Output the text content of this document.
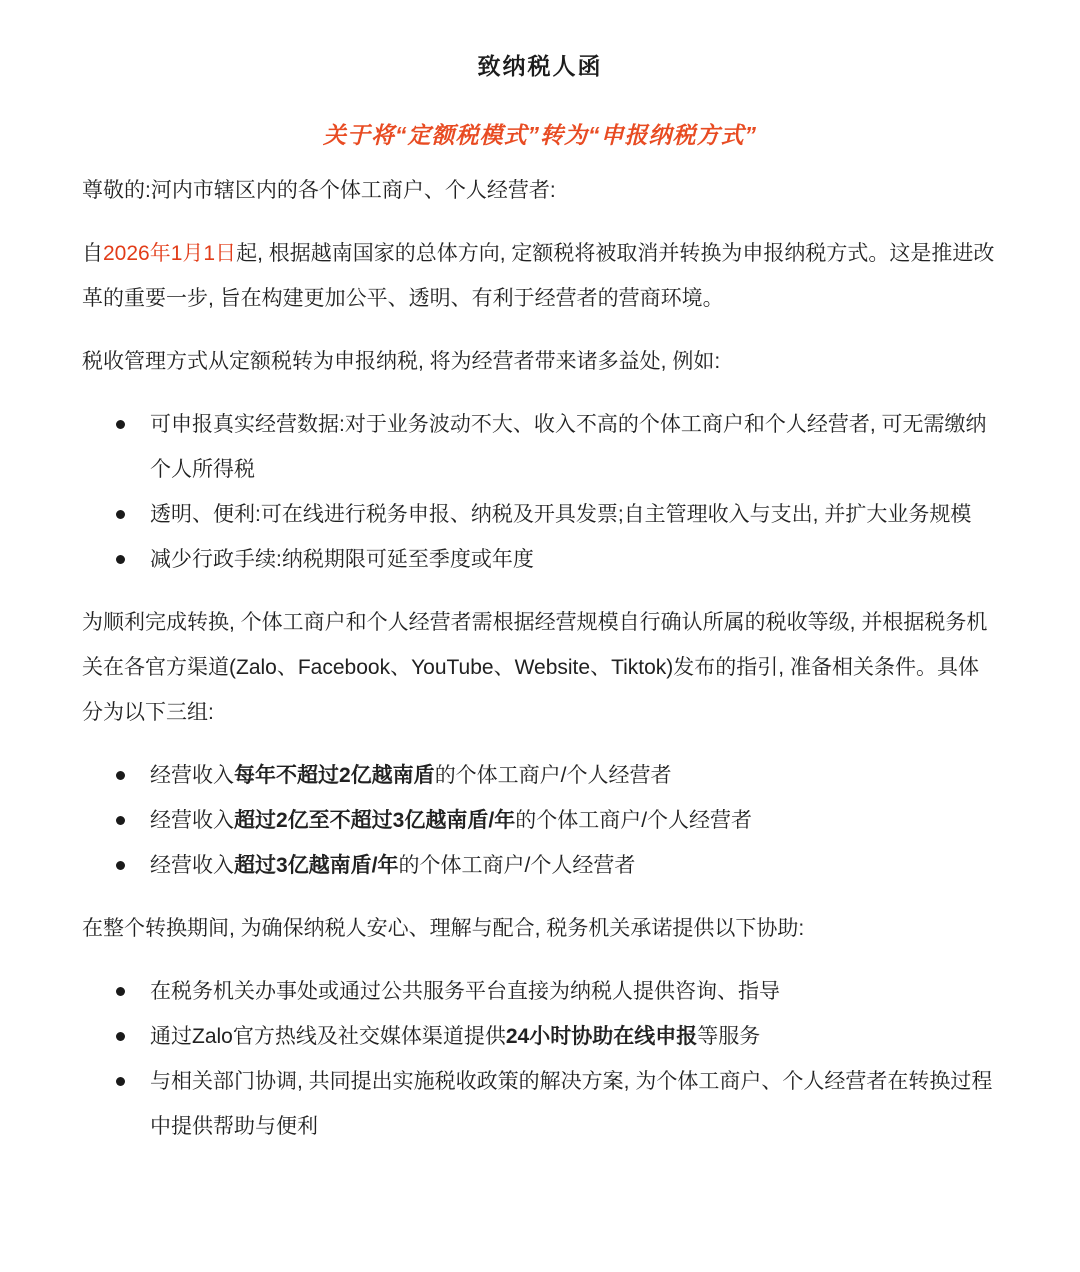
致纳税人函
关于将“定额税模式”转为“申报纳税方式”

尊敬的:河内市辖区内的各个体工商户、个人经营者:

自2026年1月1日起, 根据越南国家的总体方向, 定额税将被取消并转换为申报纳税方式。这是推进改革的重要一步, 旨在构建更加公平、透明、有利于经营者的营商环境。

税收管理方式从定额税转为申报纳税, 将为经营者带来诸多益处, 例如:

可申报真实经营数据:对于业务波动不大、收入不高的个体工商户和个人经营者, 可无需缴纳个人所得税
透明、便利:可在线进行税务申报、纳税及开具发票;自主管理收入与支出, 并扩大业务规模
减少行政手续:纳税期限可延至季度或年度

为顺利完成转换, 个体工商户和个人经营者需根据经营规模自行确认所属的税收等级, 并根据税务机关在各官方渠道(Zalo、Facebook、YouTube、Website、Tiktok)发布的指引, 准备相关条件。具体分为以下三组:

经营收入每年不超过2亿越南盾的个体工商户/个人经营者
经营收入超过2亿至不超过3亿越南盾/年的个体工商户/个人经营者
经营收入超过3亿越南盾/年的个体工商户/个人经营者

在整个转换期间, 为确保纳税人安心、理解与配合, 税务机关承诺提供以下协助:

在税务机关办事处或通过公共服务平台直接为纳税人提供咨询、指导
通过Zalo官方热线及社交媒体渠道提供24小时协助在线申报等服务
与相关部门协调, 共同提出实施税收政策的解决方案, 为个体工商户、个人经营者在转换过程中提供帮助与便利
